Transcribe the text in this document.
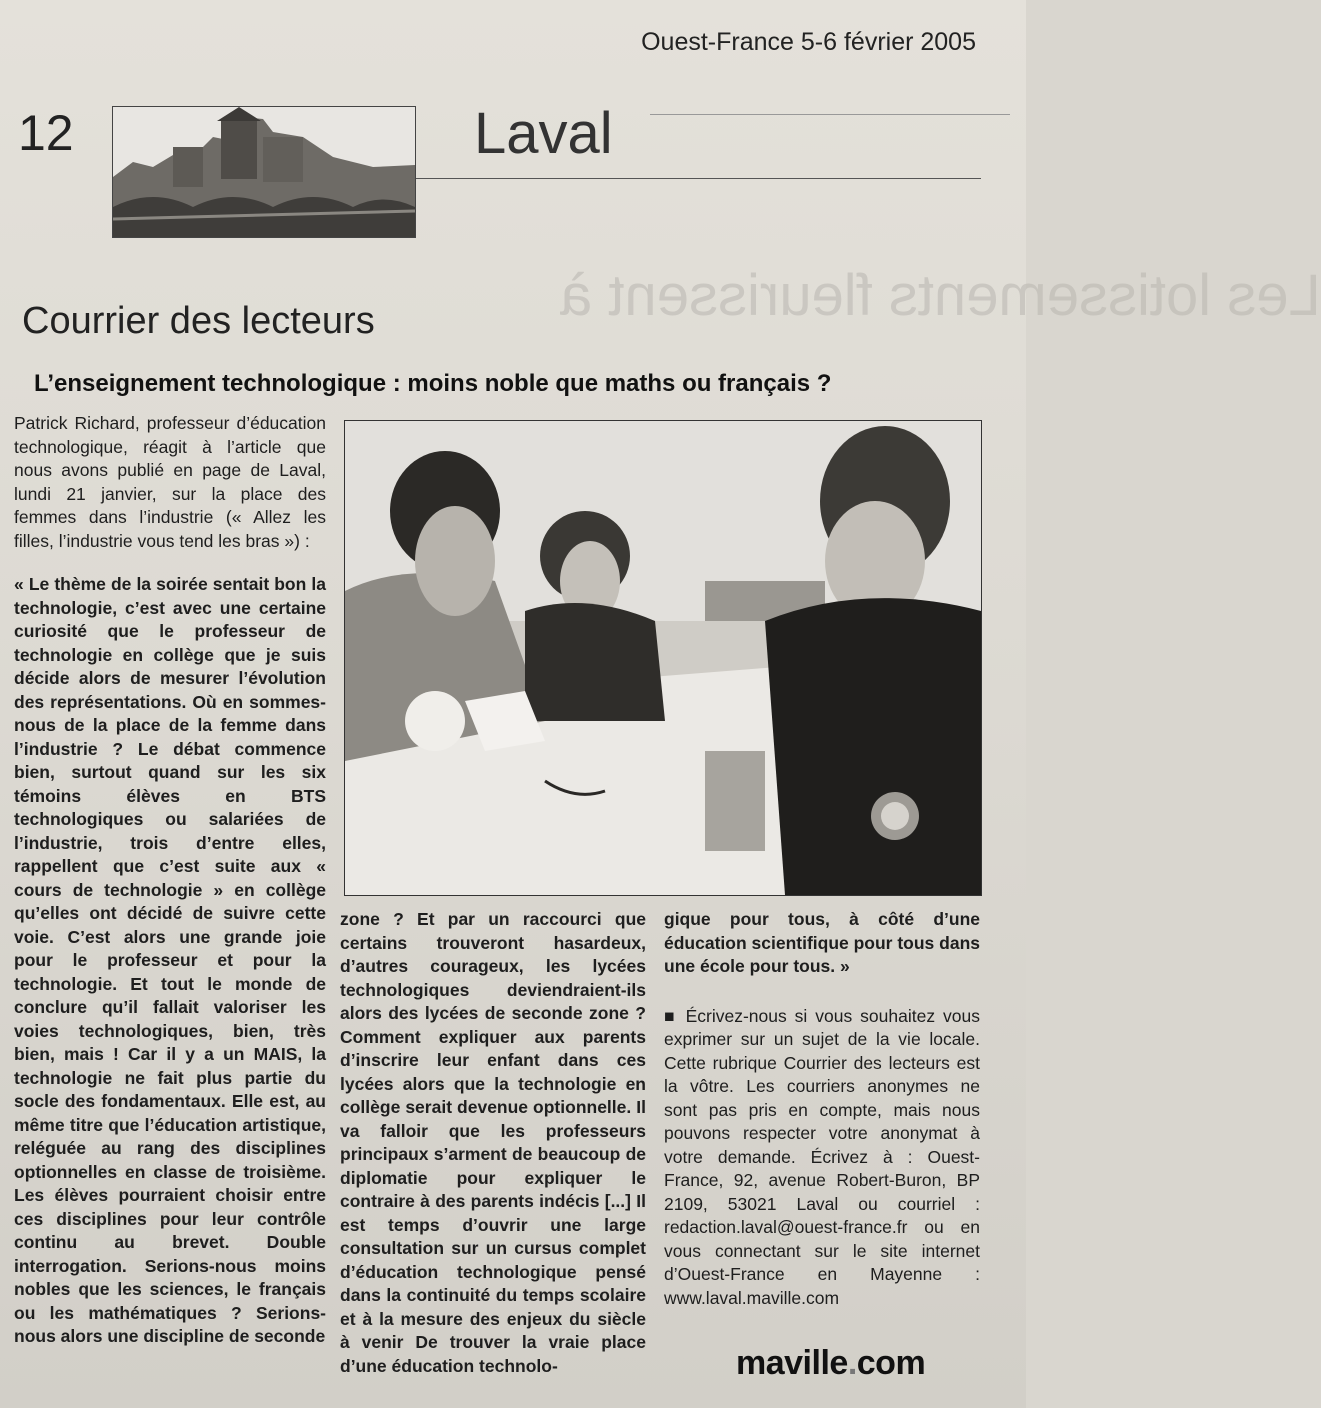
Les lotissements fleurissent à
Ouest-France 5-6 février 2005
12	Laval
Courrier des lecteurs
L’enseignement technologique : moins noble que maths ou français ?

Patrick Richard, professeur d’éducation technologique, réagit à l’article que nous avons publié en page de Laval, lundi 21 janvier, sur la place des femmes dans l’industrie (« Allez les filles, l’industrie vous tend les bras ») :

« Le thème de la soirée sentait bon la technologie, c’est avec une certaine curiosité que le professeur de technologie en collège que je suis décide alors de mesurer l’évolution des représentations. Où en sommes-nous de la place de la femme dans l’industrie ? Le débat commence bien, surtout quand sur les six témoins élèves en BTS technologiques ou salariées de l’industrie, trois d’entre elles, rappellent que c’est suite aux « cours de technologie » en collège qu’elles ont décidé de suivre cette voie. C’est alors une grande joie pour le professeur et pour la technologie. Et tout le monde de conclure qu’il fallait valoriser les voies technologiques, bien, très bien, mais ! Car il y a un MAIS, la technologie ne fait plus partie du socle des fondamentaux. Elle est, au même titre que l’éducation artistique, reléguée au rang des disciplines optionnelles en classe de troisième. Les élèves pourraient choisir entre ces disciplines pour leur contrôle continu au brevet. Double interrogation. Serions-nous moins nobles que les sciences, le français ou les mathématiques ? Serions-nous alors une discipline de seconde

zone ? Et par un raccourci que certains trouveront hasardeux, d’autres courageux, les lycées technologiques deviendraient-ils alors des lycées de seconde zone ? Comment expliquer aux parents d’inscrire leur enfant dans ces lycées alors que la technologie en collège serait devenue optionnelle. Il va falloir que les professeurs principaux s’arment de beaucoup de diplomatie pour expliquer le contraire à des parents indécis [...] Il est temps d’ouvrir une large consultation sur un cursus complet d’éducation technologique pensé dans la continuité du temps scolaire et à la mesure des enjeux du siècle à venir De trouver la vraie place d’une éducation technolo-

gique pour tous, à côté d’une éducation scientifique pour tous dans une école pour tous. »

■ Écrivez-nous si vous souhaitez vous exprimer sur un sujet de la vie locale. Cette rubrique Courrier des lecteurs est la vôtre. Les courriers anonymes ne sont pas pris en compte, mais nous pouvons respecter votre anonymat à votre demande. Écrivez à : Ouest-France, 92, avenue Robert-Buron, BP 2109, 53021 Laval ou courriel : redaction.laval@ouest-france.fr ou en vous connectant sur le site internet d’Ouest-France en Mayenne : www.laval.maville.com

maville.com
